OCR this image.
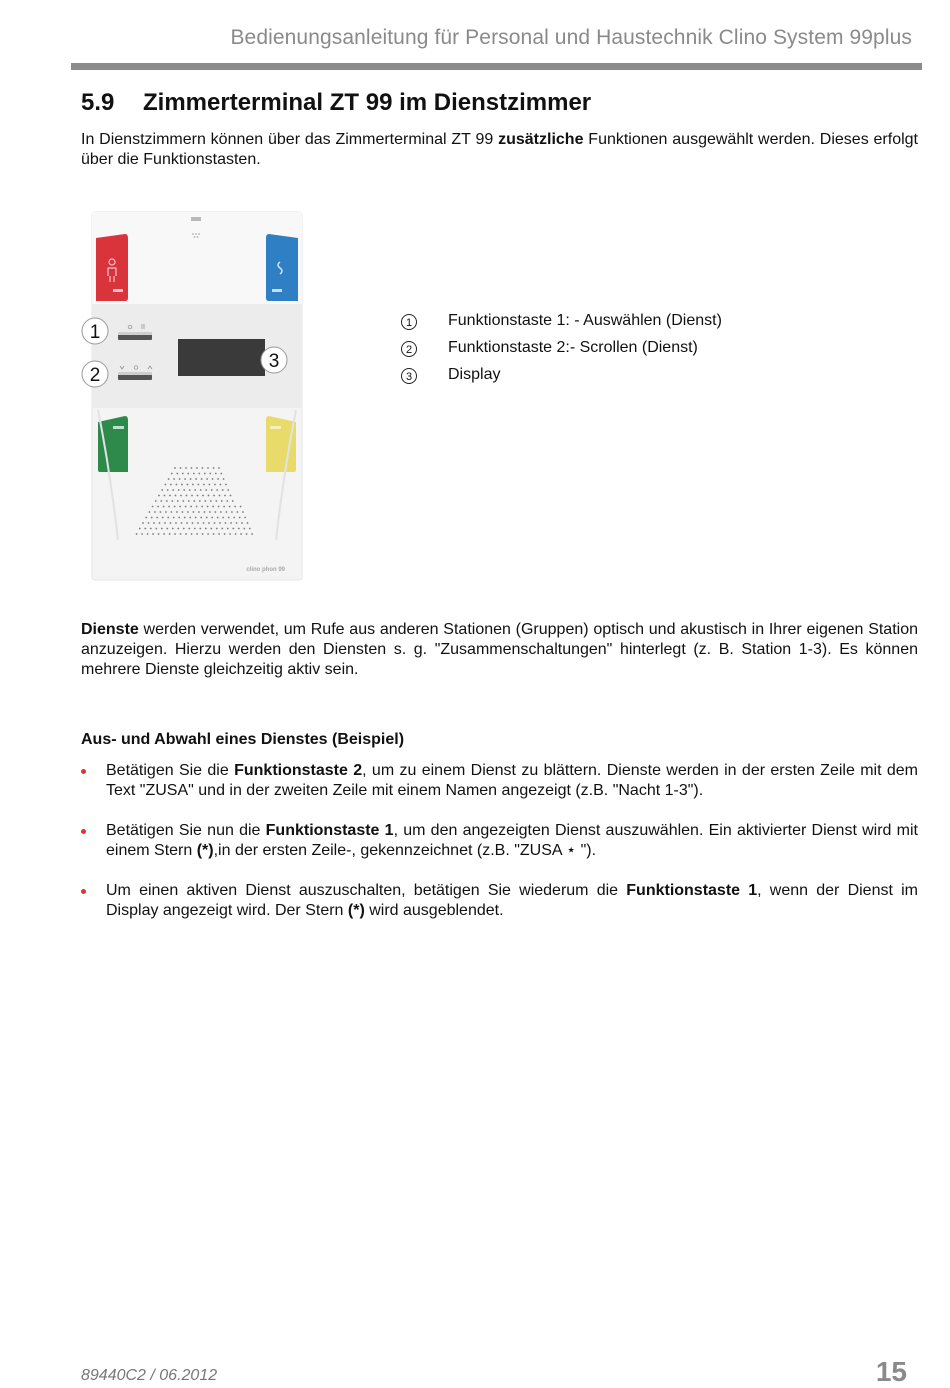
Bedienungsanleitung für Personal und Haustechnik Clino System 99plus
5.9 Zimmerterminal ZT 99 im Dienstzimmer
In Dienstzimmern können über das Zimmerterminal ZT 99 zusätzliche Funktionen ausgewählt werden. Dieses erfolgt über die Funktionstasten.
1
2
3
clino phon 99
1	Funktionstaste 1: - Auswählen (Dienst)
2	Funktionstaste 2:- Scrollen (Dienst)
3	Display
Dienste werden verwendet, um Rufe aus anderen Stationen (Gruppen) optisch und akustisch in Ihrer eigenen Station anzuzeigen. Hierzu werden den Diensten s. g. "Zusammenschaltungen" hinterlegt (z. B. Station 1-3). Es können mehrere Dienste gleichzeitig aktiv sein.
Aus- und Abwahl eines Dienstes (Beispiel)
Betätigen Sie die Funktionstaste 2, um zu einem Dienst zu blättern. Dienste werden in der ersten Zeile mit dem Text "ZUSA" und in der zweiten Zeile mit einem Namen angezeigt (z.B. "Nacht 1-3").
Betätigen Sie nun die Funktionstaste 1, um den angezeigten Dienst auszuwählen. Ein aktivierter Dienst wird mit einem Stern (*),in der ersten Zeile-, gekennzeichnet (z.B. "ZUSA ⋆ ").
Um einen aktiven Dienst auszuschalten, betätigen Sie wiederum die Funktionstaste 1, wenn der Dienst im Display angezeigt wird. Der Stern (*) wird ausgeblendet.
89440C2 / 06.2012	15
